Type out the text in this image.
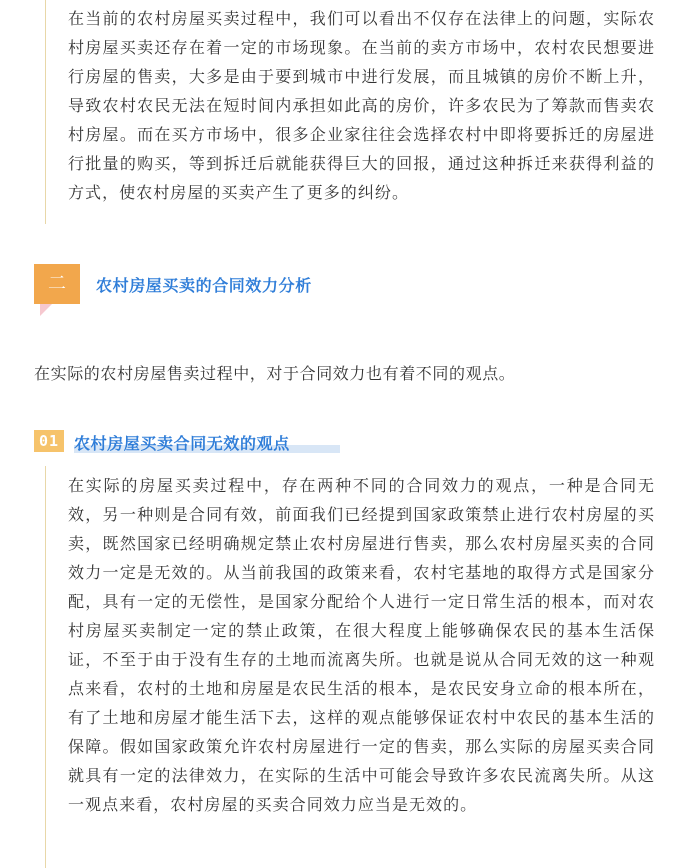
在当前的农村房屋买卖过程中，我们可以看出不仅存在法律上的问题，实际农村房屋买卖还存在着一定的市场现象。在当前的卖方市场中，农村农民想要进行房屋的售卖，大多是由于要到城市中进行发展，而且城镇的房价不断上升，导致农村农民无法在短时间内承担如此高的房价，许多农民为了筹款而售卖农村房屋。而在买方市场中，很多企业家往往会选择农村中即将要拆迁的房屋进行批量的购买，等到拆迁后就能获得巨大的回报，通过这种拆迁来获得利益的方式，使农村房屋的买卖产生了更多的纠纷。

二	农村房屋买卖的合同效力分析

在实际的农村房屋售卖过程中，对于合同效力也有着不同的观点。

01 农村房屋买卖合同无效的观点

在实际的房屋买卖过程中，存在两种不同的合同效力的观点，一种是合同无效，另一种则是合同有效，前面我们已经提到国家政策禁止进行农村房屋的买卖，既然国家已经明确规定禁止农村房屋进行售卖，那么农村房屋买卖的合同效力一定是无效的。从当前我国的政策来看，农村宅基地的取得方式是国家分配，具有一定的无偿性，是国家分配给个人进行一定日常生活的根本，而对农村房屋买卖制定一定的禁止政策，在很大程度上能够确保农民的基本生活保证，不至于由于没有生存的土地而流离失所。也就是说从合同无效的这一种观点来看，农村的土地和房屋是农民生活的根本，是农民安身立命的根本所在，有了土地和房屋才能生活下去，这样的观点能够保证农村中农民的基本生活的保障。假如国家政策允许农村房屋进行一定的售卖，那么实际的房屋买卖合同就具有一定的法律效力，在实际的生活中可能会导致许多农民流离失所。从这一观点来看，农村房屋的买卖合同效力应当是无效的。
